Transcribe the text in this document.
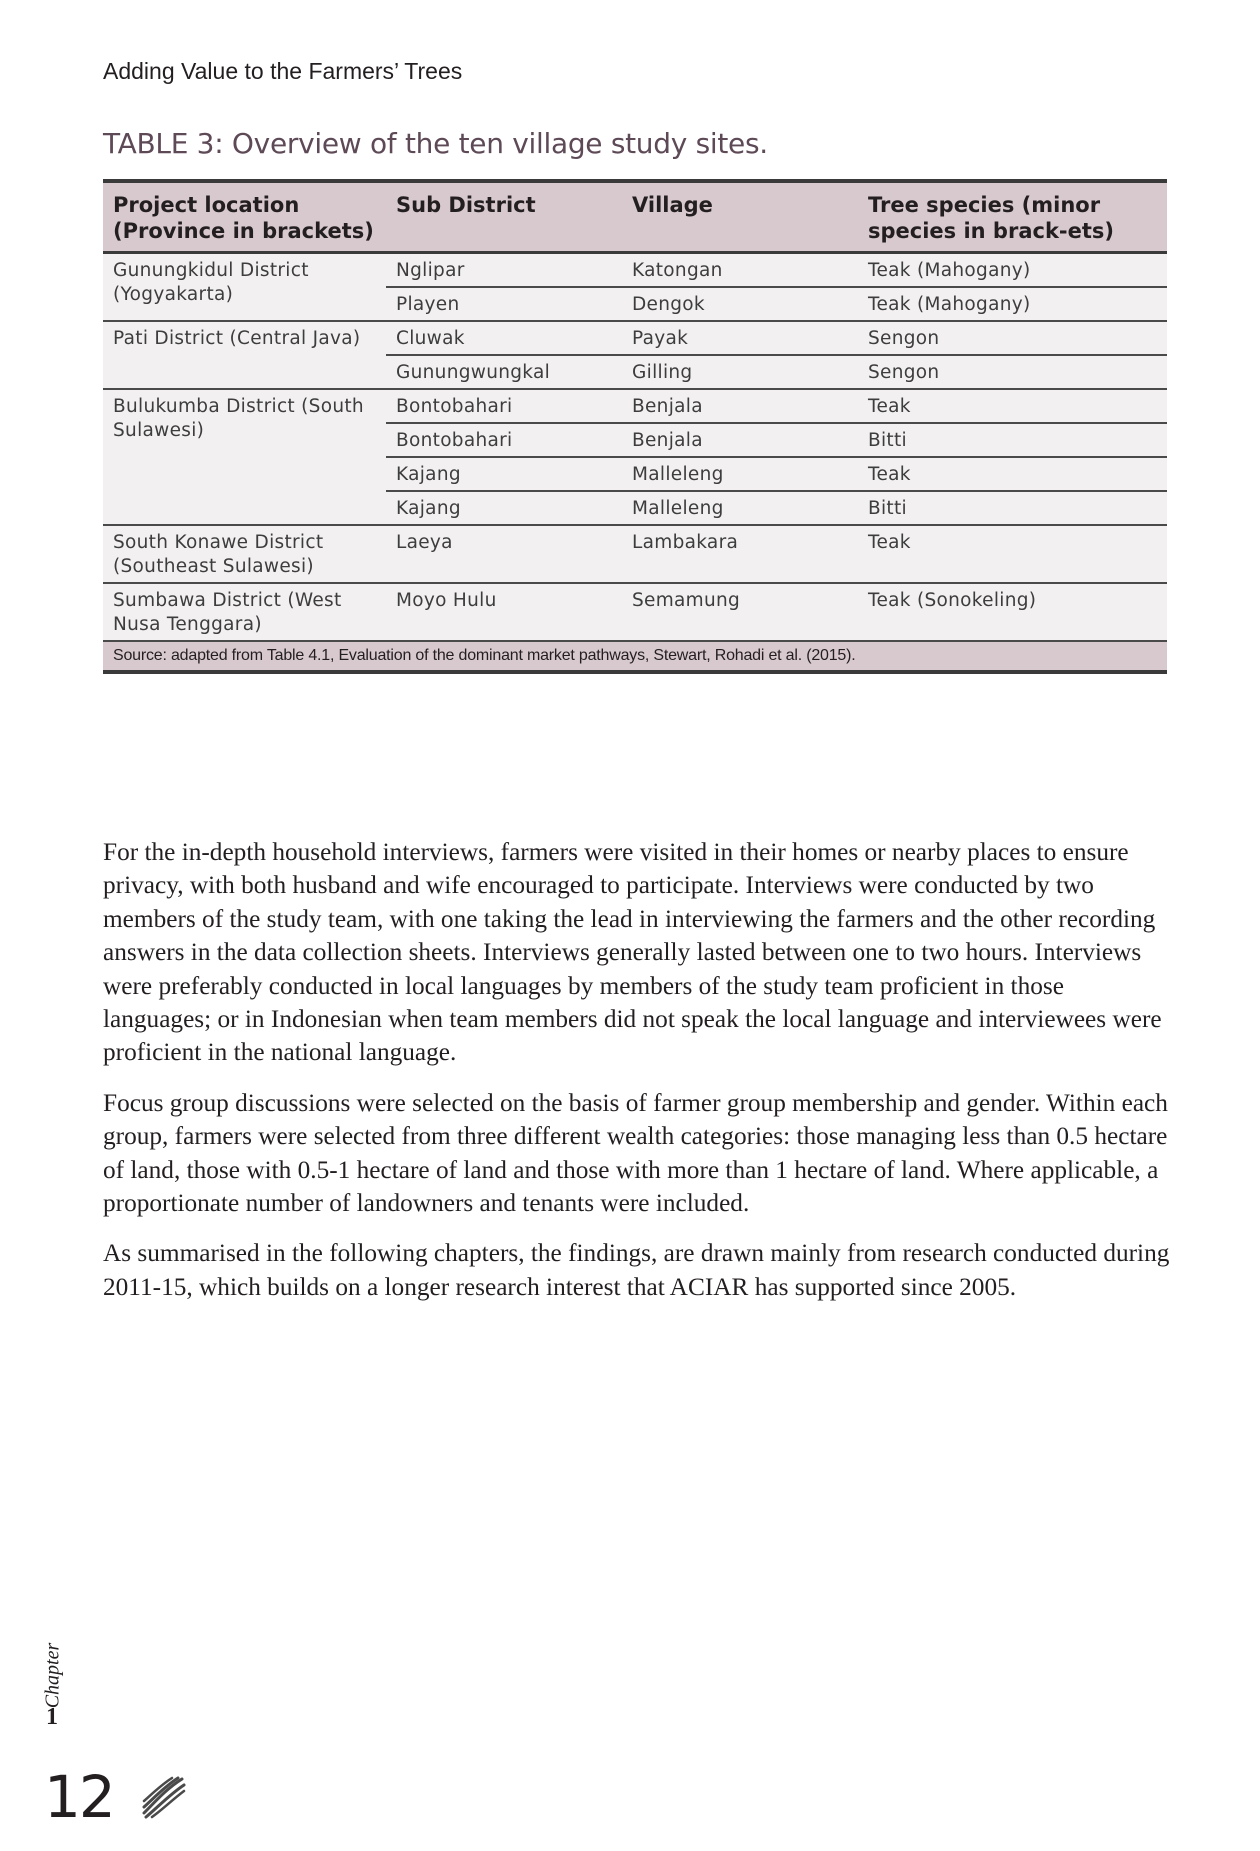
Adding Value to the Farmers’ Trees
TABLE 3: Overview of the ten village study sites.
Project location (Province in brackets)	Sub District	Village	Tree species (minor species in brack-ets)
Gunungkidul District (Yogyakarta)	Nglipar	Katongan	Teak (Mahogany)
	Playen	Dengok	Teak (Mahogany)
Pati District (Central Java)	Cluwak	Payak	Sengon
	Gunungwungkal	Gilling	Sengon
Bulukumba District (South Sulawesi)	Bontobahari	Benjala	Teak
	Bontobahari	Benjala	Bitti
	Kajang	Malleleng	Teak
	Kajang	Malleleng	Bitti
South Konawe District (Southeast Sulawesi)	Laeya	Lambakara	Teak
Sumbawa District (West Nusa Tenggara)	Moyo Hulu	Semamung	Teak (Sonokeling)
Source: adapted from Table 4.1, Evaluation of the dominant market pathways, Stewart, Rohadi et al. (2015).			

For the in-depth household interviews, farmers were visited in their homes or nearby places to ensure privacy, with both husband and wife encouraged to participate. Interviews were conducted by two members of the study team, with one taking the lead in interviewing the farmers and the other recording answers in the data collection sheets. Interviews generally lasted between one to two hours. Interviews were preferably conducted in local languages by members of the study team proficient in those languages; or in Indonesian when team members did not speak the local language and interviewees were proficient in the national language.

Focus group discussions were selected on the basis of farmer group membership and gender. Within each group, farmers were selected from three different wealth categories: those managing less than 0.5 hectare of land, those with 0.5-1 hectare of land and those with more than 1 hectare of land. Where applicable, a proportionate number of landowners and tenants were included.

As summarised in the following chapters, the findings, are drawn mainly from research conducted during 2011-15, which builds on a longer research interest that ACIAR has supported since 2005.

Chapter
1
12
